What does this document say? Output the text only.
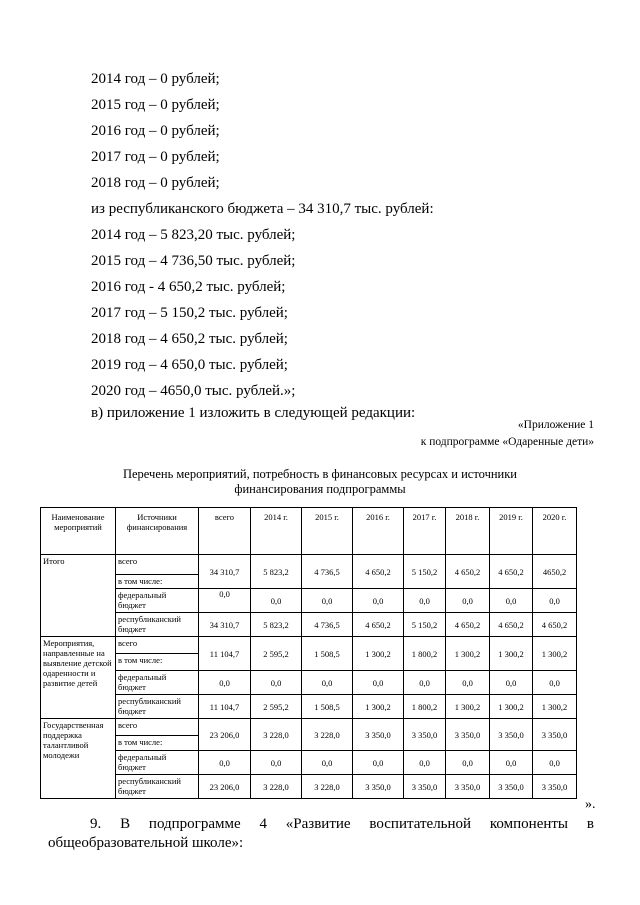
2014 год – 0 рублей;
2015 год – 0 рублей;
2016 год – 0 рублей;
2017 год – 0 рублей;
2018 год – 0 рублей;
из республиканского бюджета – 34 310,7 тыс. рублей:
2014 год – 5 823,20 тыс. рублей;
2015 год – 4 736,50 тыс. рублей;
2016 год - 4 650,2 тыс. рублей;
2017 год – 5 150,2 тыс. рублей;
2018 год – 4 650,2 тыс. рублей;
2019 год – 4 650,0 тыс. рублей;
2020 год – 4650,0 тыс. рублей.»;
в) приложение 1 изложить в следующей редакции:
«Приложение 1
к подпрограмме «Одаренные дети»
Перечень мероприятий, потребность в финансовых ресурсах и источники
финансирования подпрограммы
Наименование мероприятий	Источники финансирования	всего	2014 г.	2015 г.	2016 г.	2017 г.	2018 г.	2019 г.	2020 г.
Итого	всего	34 310,7	5 823,2	4 736,5	4 650,2	5 150,2	4 650,2	4 650,2	4650,2
	в том числе:								
	федеральный бюджет	0,0	0,0	0,0	0,0	0,0	0,0	0,0	0,0
	республиканский бюджет	34 310,7	5 823,2	4 736,5	4 650,2	5 150,2	4 650,2	4 650,2	4 650,2
Мероприятия, направленные на выявление детской одаренности и развитие детей	всего	11 104,7	2 595,2	1 508,5	1 300,2	1 800,2	1 300,2	1 300,2	1 300,2
	в том числе:								
	федеральный бюджет	0,0	0,0	0,0	0,0	0,0	0,0	0,0	0,0
	республиканский бюджет	11 104,7	2 595,2	1 508,5	1 300,2	1 800,2	1 300,2	1 300,2	1 300,2
Государственная поддержка талантливой молодежи	всего	23 206,0	3 228,0	3 228,0	3 350,0	3 350,0	3 350,0	3 350,0	3 350,0
	в том числе:								
	федеральный бюджет	0,0	0,0	0,0	0,0	0,0	0,0	0,0	0,0
	республиканский бюджет	23 206,0	3 228,0	3 228,0	3 350,0	3 350,0	3 350,0	3 350,0	3 350,0
».
9. В подпрограмме 4 «Развитие воспитательной компоненты в
общеобразовательной школе»:
